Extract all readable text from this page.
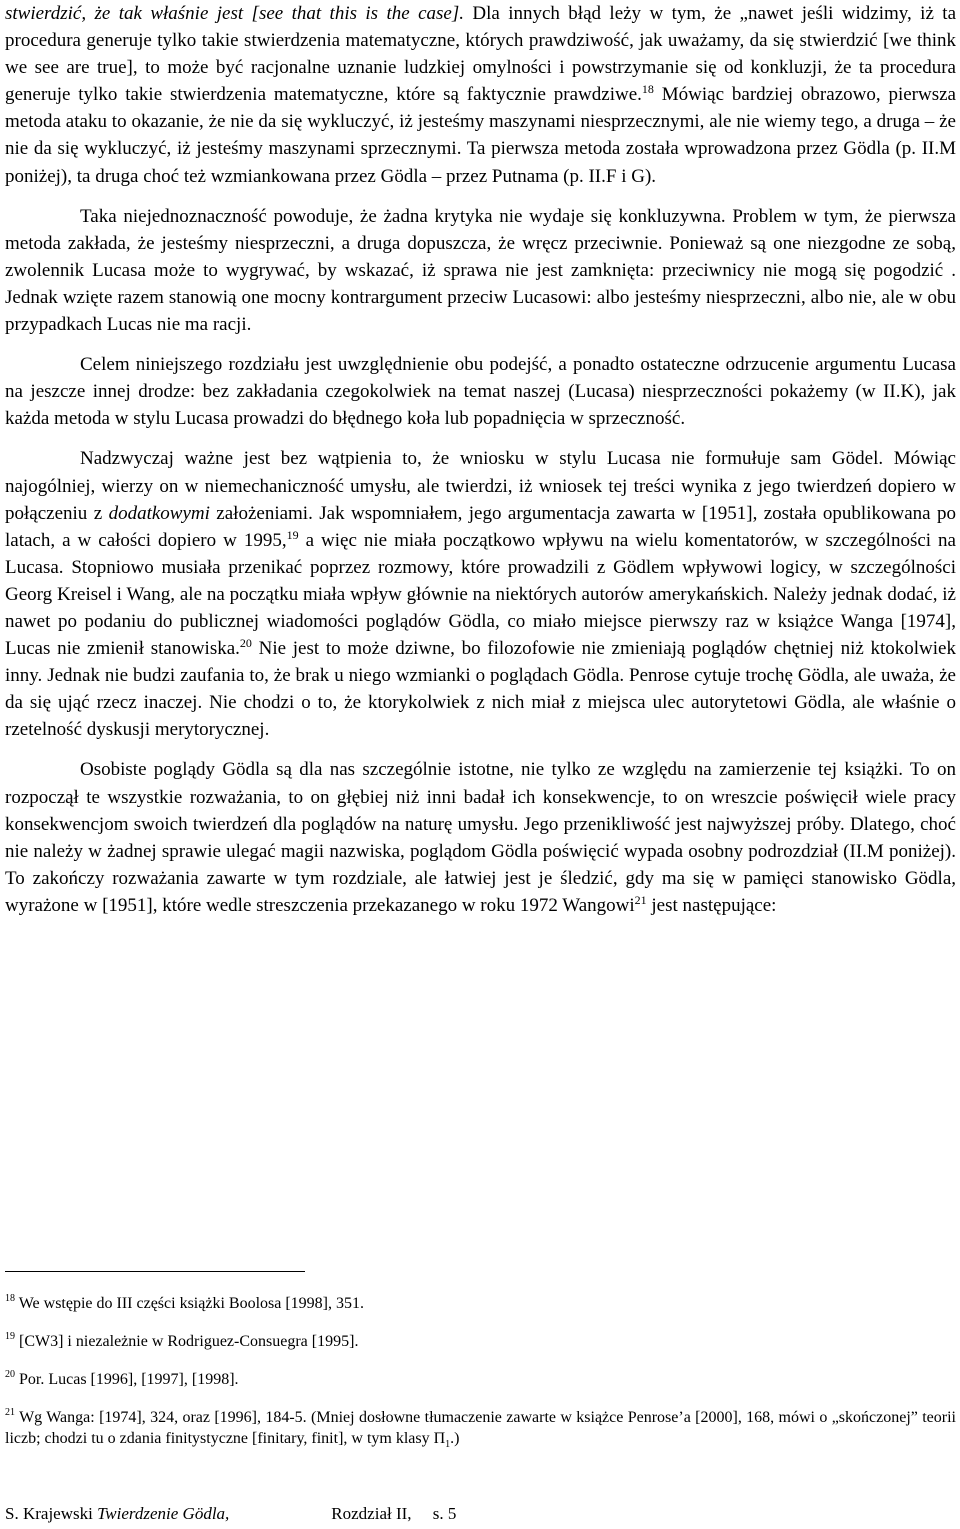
stwierdzić, że tak właśnie jest [see that this is the case]. Dla innych błąd leży w tym, że „nawet jeśli widzimy, iż ta procedura generuje tylko takie stwierdzenia matematyczne, których prawdziwość, jak uważamy, da się stwierdzić [we think we see are true], to może być racjonalne uznanie ludzkiej omylności i powstrzymanie się od konkluzji, że ta procedura generuje tylko takie stwierdzenia matematyczne, które są faktycznie prawdziwe.$^{18}$ Mówiąc bardziej obrazowo, pierwsza metoda ataku to okazanie, że nie da się wykluczyć, iż jesteśmy maszynami niesprzecznymi, ale nie wiemy tego, a druga – że nie da się wykluczyć, iż jesteśmy maszynami sprzecznymi. Ta pierwsza metoda została wprowadzona przez Gödla (p. II.M poniżej), ta druga choć też wzmiankowana przez Gödla – przez Putnama (p. II.F i G).

Taka niejednoznaczność powoduje, że żadna krytyka nie wydaje się konkluzywna. Problem w tym, że pierwsza metoda zakłada, że jesteśmy niesprzeczni, a druga dopuszcza, że wręcz przeciwnie. Ponieważ są one niezgodne ze sobą, zwolennik Lucasa może to wygrywać, by wskazać, iż sprawa nie jest zamknięta: przeciwnicy nie mogą się pogodzić . Jednak wzięte razem stanowią one mocny kontrargument przeciw Lucasowi: albo jesteśmy niesprzeczni, albo nie, ale w obu przypadkach Lucas nie ma racji.

Celem niniejszego rozdziału jest uwzględnienie obu podejść, a ponadto ostateczne odrzucenie argumentu Lucasa na jeszcze innej drodze: bez zakładania czegokolwiek na temat naszej (Lucasa) niesprzeczności pokażemy (w II.K), jak każda metoda w stylu Lucasa prowadzi do błędnego koła lub popadnięcia w sprzeczność.

Nadzwyczaj ważne jest bez wątpienia to, że wniosku w stylu Lucasa nie formułuje sam Gödel. Mówiąc najogólniej, wierzy on w niemechaniczność umysłu, ale twierdzi, iż wniosek tej treści wynika z jego twierdzeń dopiero w połączeniu z dodatkowymi założeniami. Jak wspomniałem, jego argumentacja zawarta w [1951], została opublikowana po latach, a w całości dopiero w 1995,19 a więc nie miała początkowo wpływu na wielu komentatorów, w szczególności na Lucasa. Stopniowo musiała przenikać poprzez rozmowy, które prowadzili z Gödlem wpływowi logicy, w szczególności Georg Kreisel i Wang, ale na początku miała wpływ głównie na niektórych autorów amerykańskich. Należy jednak dodać, iż nawet po podaniu do publicznej wiadomości poglądów Gödla, co miało miejsce pierwszy raz w książce Wanga [1974], Lucas nie zmienił stanowiska.$^{20}$ Nie jest to może dziwne, bo filozofowie nie zmieniają poglądów chętniej niż ktokolwiek inny. Jednak nie budzi zaufania to, że brak u niego wzmianki o poglądach Gödla. Penrose cytuje trochę Gödla, ale uważa, że da się ująć rzecz inaczej. Nie chodzi o to, że ktorykolwiek z nich miał z miejsca ulec autorytetowi Gödla, ale właśnie o rzetelność dyskusji merytorycznej.

Osobiste poglądy Gödla są dla nas szczególnie istotne, nie tylko ze względu na zamierzenie tej książki. To on rozpoczął te wszystkie rozważania, to on głębiej niż inni badał ich konsekwencje, to on wreszcie poświęcił wiele pracy konsekwencjom swoich twierdzeń dla poglądów na naturę umysłu. Jego przenikliwość jest najwyższej próby. Dlatego, choć nie należy w żadnej sprawie ulegać magii nazwiska, poglądom Gödla poświęcić wypada osobny podrozdział (II.M poniżej). To zakończy rozważania zawarte w tym rozdziale, ale łatwiej jest je śledzić, gdy ma się w pamięci stanowisko Gödla, wyrażone w [1951], które wedle streszczenia przekazanego w roku 1972 Wangowi$^{21}$ jest następujące:

$^{18}$ We wstępie do III części książki Boolosa [1998], 351.

$^{19}$ [CW3] i niezależnie w Rodriguez-Consuegra [1995].

$^{20}$ Por. Lucas [1996], [1997], [1998].

$^{21}$ Wg Wanga: [1974], 324, oraz [1996], 184-5. (Mniej dosłowne tłumaczenie zawarte w książce Penrose’a [2000], 168, mówi o „skończonej” teorii liczb; chodzi tu o zdania finitystyczne [finitary, finit], w tym klasy $\Pi_1$.)

S. Krajewski Twierdzenie Gödla,	Rozdział II, s. 5
